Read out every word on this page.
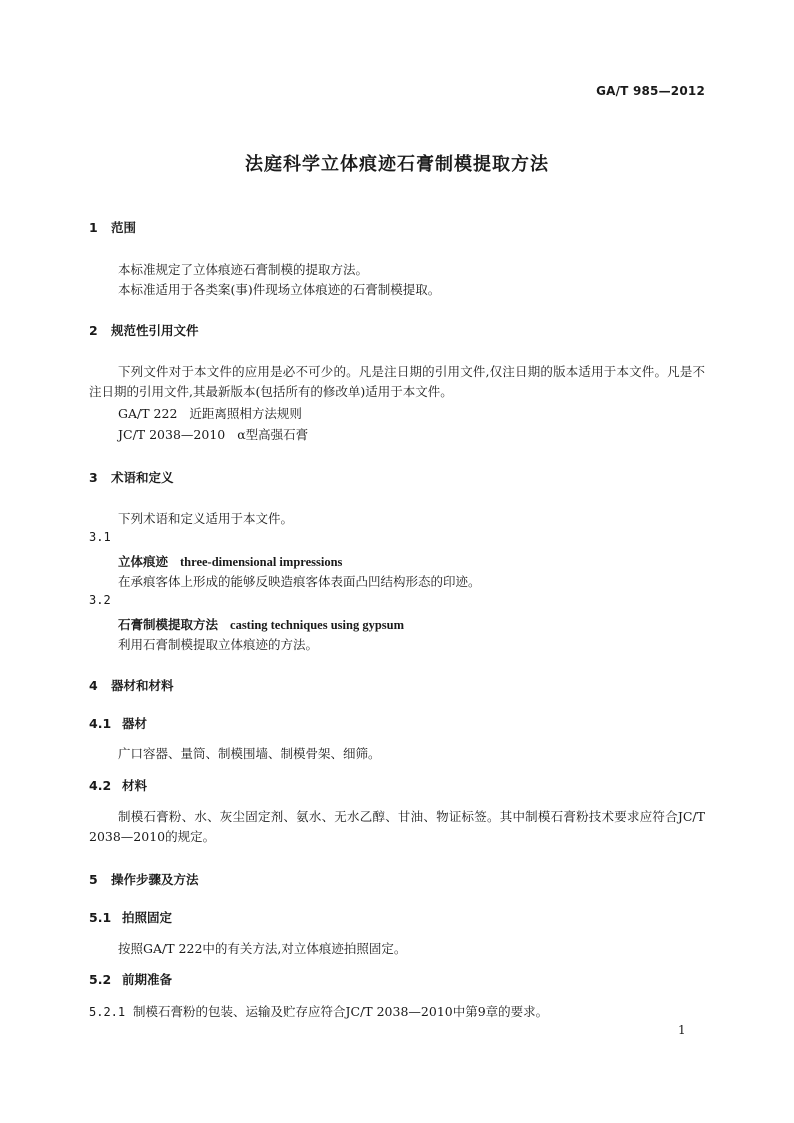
GA/T 985—2012
法庭科学立体痕迹石膏制模提取方法
1 范围
本标准规定了立体痕迹石膏制模的提取方法。
本标准适用于各类案(事)件现场立体痕迹的石膏制模提取。
2 规范性引用文件
下列文件对于本文件的应用是必不可少的。凡是注日期的引用文件,仅注日期的版本适用于本文件。凡是不注日期的引用文件,其最新版本(包括所有的修改单)适用于本文件。
GA/T 222 近距离照相方法规则
JC/T 2038—2010 α型高强石膏
3 术语和定义
下列术语和定义适用于本文件。
3.1
立体痕迹 three-dimensional impressions
在承痕客体上形成的能够反映造痕客体表面凸凹结构形态的印迹。
3.2
石膏制模提取方法 casting techniques using gypsum
利用石膏制模提取立体痕迹的方法。
4 器材和材料
4.1 器材
广口容器、量筒、制模围墙、制模骨架、细筛。
4.2 材料
制模石膏粉、水、灰尘固定剂、氨水、无水乙醇、甘油、物证标签。其中制模石膏粉技术要求应符合JC/T 2038—2010的规定。
5 操作步骤及方法
5.1 拍照固定
按照GA/T 222中的有关方法,对立体痕迹拍照固定。
5.2 前期准备
5.2.1 制模石膏粉的包装、运输及贮存应符合JC/T 2038—2010中第9章的要求。
1
